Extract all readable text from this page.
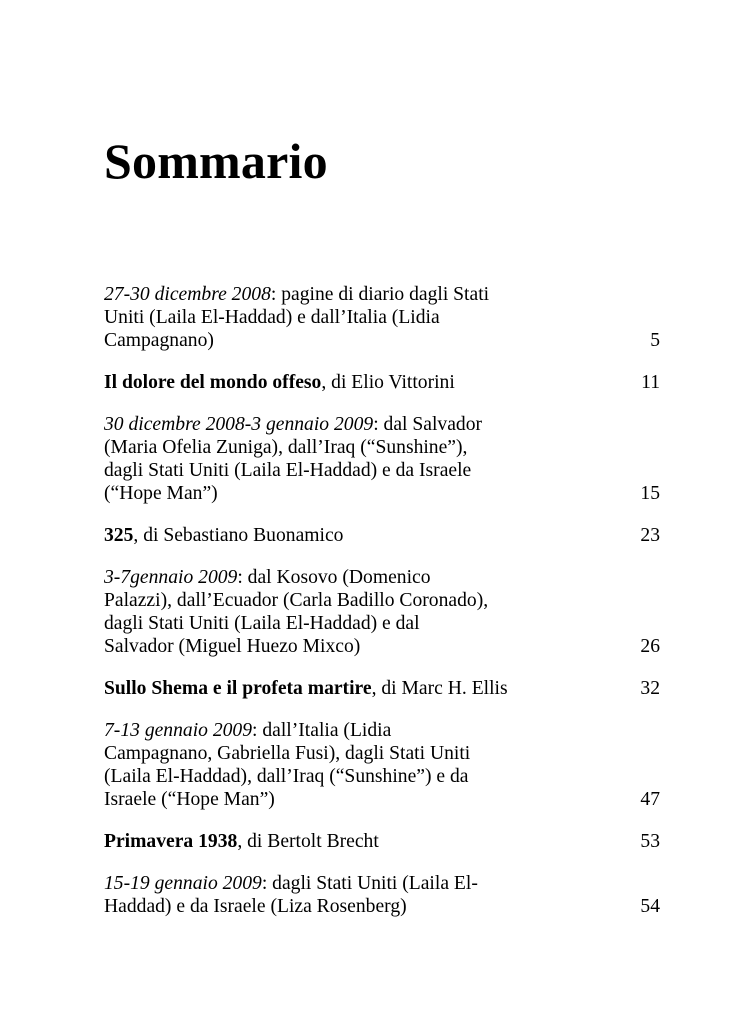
Sommario
27-30 dicembre 2008: pagine di diario dagli Stati Uniti (Laila El-Haddad) e dall’Italia (Lidia Campagnano)	5
Il dolore del mondo offeso, di Elio Vittorini	11
30 dicembre 2008-3 gennaio 2009: dal Salvador (Maria Ofelia Zuniga), dall’Iraq (“Sunshine”), dagli Stati Uniti (Laila El-Haddad) e da Israele (“Hope Man”)	15
325, di Sebastiano Buonamico	23
3-7gennaio 2009: dal Kosovo (Domenico Palazzi), dall’Ecuador (Carla Badillo Coronado), dagli Stati Uniti (Laila El-Haddad) e dal Salvador (Miguel Huezo Mixco)	26
Sullo Shema e il profeta martire, di Marc H. Ellis	32
7-13 gennaio 2009: dall’Italia (Lidia Campagnano, Gabriella Fusi), dagli Stati Uniti (Laila El-Haddad), dall’Iraq (“Sunshine”) e da Israele (“Hope Man”)	47
Primavera 1938, di Bertolt Brecht	53
15-19 gennaio 2009: dagli Stati Uniti (Laila El-Haddad) e da Israele (Liza Rosenberg)	54
